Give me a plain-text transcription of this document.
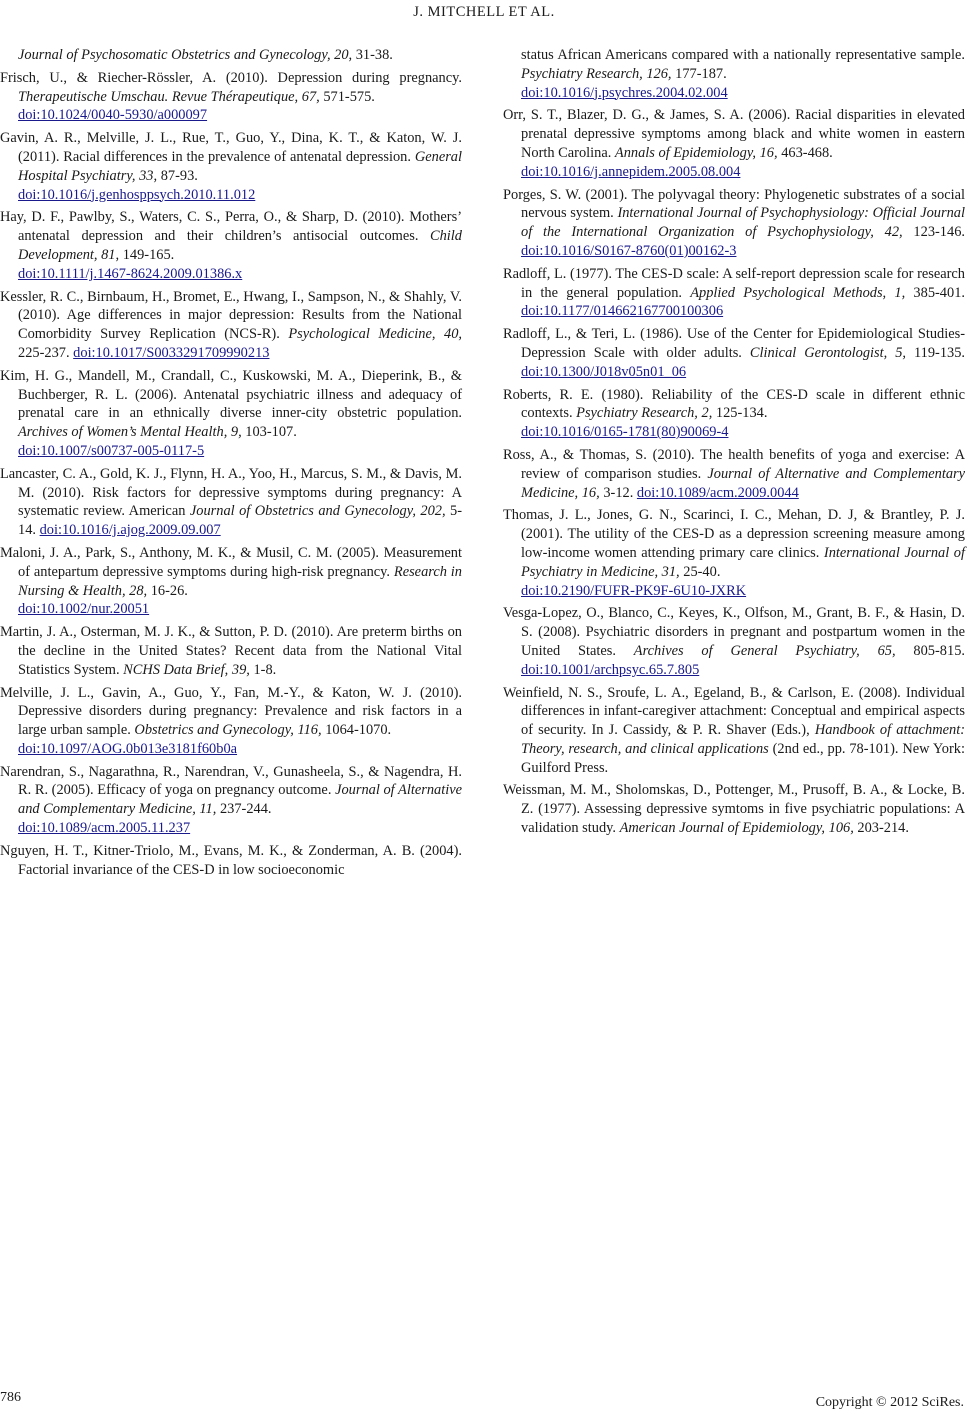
J. MITCHELL ET AL.

Journal of Psychosomatic Obstetrics and Gynecology, 20, 31-38.

Frisch, U., & Riecher-Rössler, A. (2010). Depression during pregnancy. Therapeutische Umschau. Revue Thérapeutique, 67, 571-575.
doi:10.1024/0040-5930/a000097

Gavin, A. R., Melville, J. L., Rue, T., Guo, Y., Dina, K. T., & Katon, W. J. (2011). Racial differences in the prevalence of antenatal depression. General Hospital Psychiatry, 33, 87-93.
doi:10.1016/j.genhosppsych.2010.11.012

Hay, D. F., Pawlby, S., Waters, C. S., Perra, O., & Sharp, D. (2010). Mothers’ antenatal depression and their children’s antisocial outcomes. Child Development, 81, 149-165.
doi:10.1111/j.1467-8624.2009.01386.x

Kessler, R. C., Birnbaum, H., Bromet, E., Hwang, I., Sampson, N., & Shahly, V. (2010). Age differences in major depression: Results from the National Comorbidity Survey Replication (NCS-R). Psychological Medicine, 40, 225-237. doi:10.1017/S0033291709990213

Kim, H. G., Mandell, M., Crandall, C., Kuskowski, M. A., Dieperink, B., & Buchberger, R. L. (2006). Antenatal psychiatric illness and adequacy of prenatal care in an ethnically diverse inner-city obstetric population. Archives of Women’s Mental Health, 9, 103-107.
doi:10.1007/s00737-005-0117-5

Lancaster, C. A., Gold, K. J., Flynn, H. A., Yoo, H., Marcus, S. M., & Davis, M. M. (2010). Risk factors for depressive symptoms during pregnancy: A systematic review. American Journal of Obstetrics and Gynecology, 202, 5-14. doi:10.1016/j.ajog.2009.09.007

Maloni, J. A., Park, S., Anthony, M. K., & Musil, C. M. (2005). Measurement of antepartum depressive symptoms during high-risk pregnancy. Research in Nursing & Health, 28, 16-26.
doi:10.1002/nur.20051

Martin, J. A., Osterman, M. J. K., & Sutton, P. D. (2010). Are preterm births on the decline in the United States? Recent data from the National Vital Statistics System. NCHS Data Brief, 39, 1-8.

Melville, J. L., Gavin, A., Guo, Y., Fan, M.-Y., & Katon, W. J. (2010). Depressive disorders during pregnancy: Prevalence and risk factors in a large urban sample. Obstetrics and Gynecology, 116, 1064-1070.
doi:10.1097/AOG.0b013e3181f60b0a

Narendran, S., Nagarathna, R., Narendran, V., Gunasheela, S., & Nagendra, H. R. R. (2005). Efficacy of yoga on pregnancy outcome. Journal of Alternative and Complementary Medicine, 11, 237-244.
doi:10.1089/acm.2005.11.237

Nguyen, H. T., Kitner-Triolo, M., Evans, M. K., & Zonderman, A. B. (2004). Factorial invariance of the CES-D in low socioeconomic

status African Americans compared with a nationally representative sample. Psychiatry Research, 126, 177-187.
doi:10.1016/j.psychres.2004.02.004

Orr, S. T., Blazer, D. G., & James, S. A. (2006). Racial disparities in elevated prenatal depressive symptoms among black and white women in eastern North Carolina. Annals of Epidemiology, 16, 463-468.
doi:10.1016/j.annepidem.2005.08.004

Porges, S. W. (2001). The polyvagal theory: Phylogenetic substrates of a social nervous system. International Journal of Psychophysiology: Official Journal of the International Organization of Psychophysiology, 42, 123-146. doi:10.1016/S0167-8760(01)00162-3

Radloff, L. (1977). The CES-D scale: A self-report depression scale for research in the general population. Applied Psychological Methods, 1, 385-401. doi:10.1177/014662167700100306

Radloff, L., & Teri, L. (1986). Use of the Center for Epidemiological Studies-Depression Scale with older adults. Clinical Gerontologist, 5, 119-135. doi:10.1300/J018v05n01_06

Roberts, R. E. (1980). Reliability of the CES-D scale in different ethnic contexts. Psychiatry Research, 2, 125-134.
doi:10.1016/0165-1781(80)90069-4

Ross, A., & Thomas, S. (2010). The health benefits of yoga and exercise: A review of comparison studies. Journal of Alternative and Complementary Medicine, 16, 3-12. doi:10.1089/acm.2009.0044

Thomas, J. L., Jones, G. N., Scarinci, I. C., Mehan, D. J, & Brantley, P. J. (2001). The utility of the CES-D as a depression screening measure among low-income women attending primary care clinics. International Journal of Psychiatry in Medicine, 31, 25-40.
doi:10.2190/FUFR-PK9F-6U10-JXRK

Vesga-Lopez, O., Blanco, C., Keyes, K., Olfson, M., Grant, B. F., & Hasin, D. S. (2008). Psychiatric disorders in pregnant and postpartum women in the United States. Archives of General Psychiatry, 65, 805-815. doi:10.1001/archpsyc.65.7.805

Weinfield, N. S., Sroufe, L. A., Egeland, B., & Carlson, E. (2008). Individual differences in infant-caregiver attachment: Conceptual and empirical aspects of security. In J. Cassidy, & P. R. Shaver (Eds.), Handbook of attachment: Theory, research, and clinical applications (2nd ed., pp. 78-101). New York: Guilford Press.

Weissman, M. M., Sholomskas, D., Pottenger, M., Prusoff, B. A., & Locke, B. Z. (1977). Assessing depressive symtoms in five psychiatric populations: A validation study. American Journal of Epidemiology, 106, 203-214.

786	Copyright © 2012 SciRes.
